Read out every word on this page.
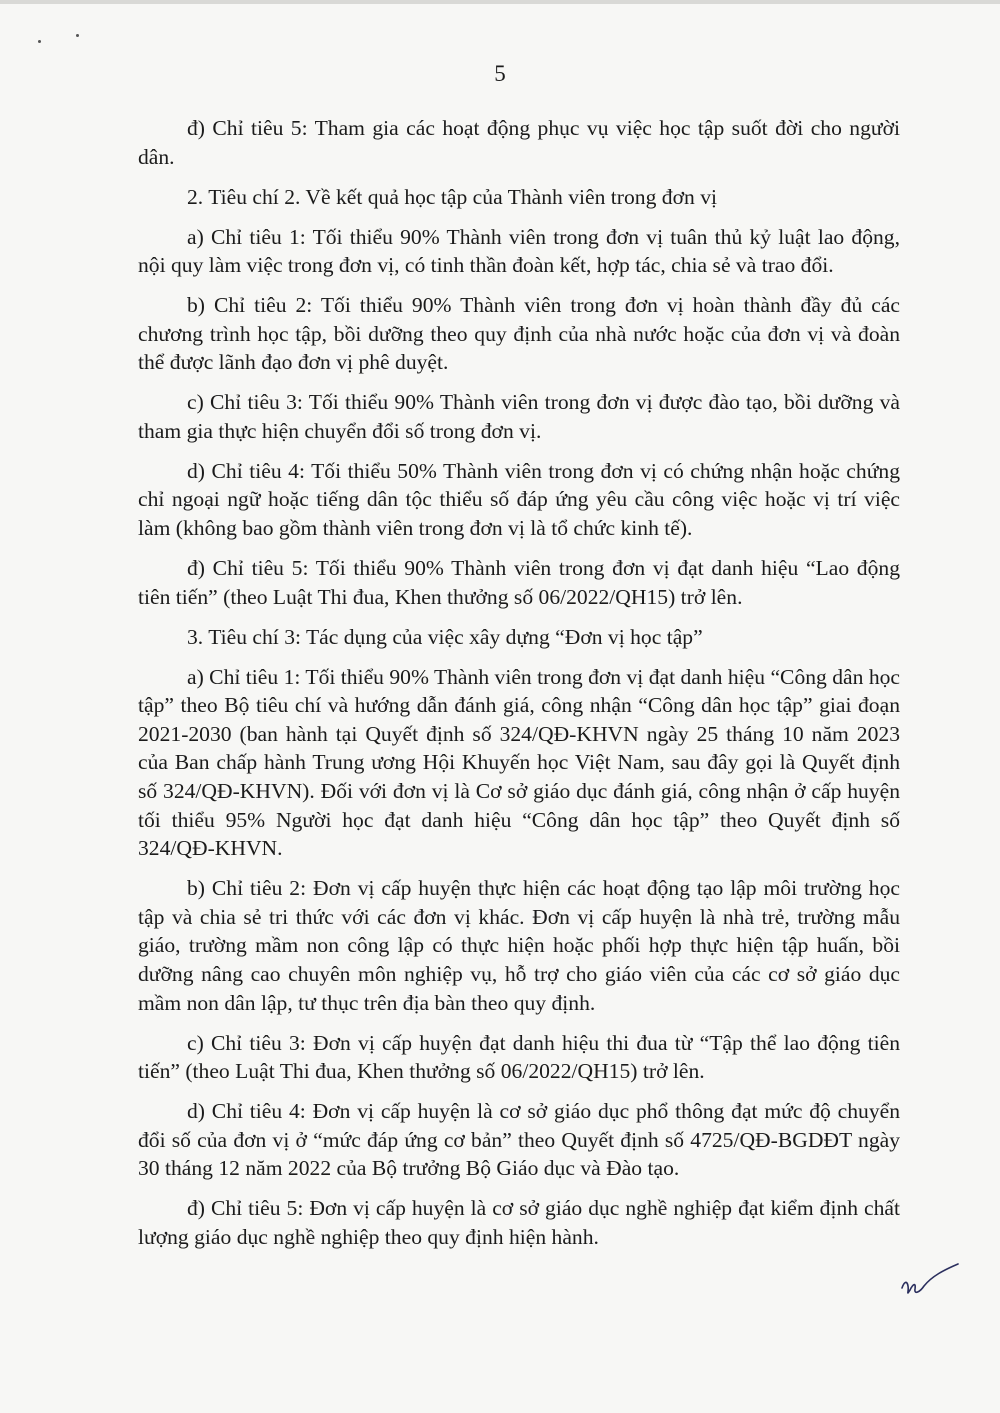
5

đ) Chỉ tiêu 5: Tham gia các hoạt động phục vụ việc học tập suốt đời cho người dân.

2. Tiêu chí 2. Về kết quả học tập của Thành viên trong đơn vị

a) Chỉ tiêu 1: Tối thiểu 90% Thành viên trong đơn vị tuân thủ kỷ luật lao động, nội quy làm việc trong đơn vị, có tinh thần đoàn kết, hợp tác, chia sẻ và trao đổi.

b) Chỉ tiêu 2: Tối thiểu 90% Thành viên trong đơn vị hoàn thành đầy đủ các chương trình học tập, bồi dưỡng theo quy định của nhà nước hoặc của đơn vị và đoàn thể được lãnh đạo đơn vị phê duyệt.

c) Chỉ tiêu 3: Tối thiểu 90% Thành viên trong đơn vị được đào tạo, bồi dưỡng và tham gia thực hiện chuyển đổi số trong đơn vị.

d) Chỉ tiêu 4: Tối thiểu 50% Thành viên trong đơn vị có chứng nhận hoặc chứng chỉ ngoại ngữ hoặc tiếng dân tộc thiểu số đáp ứng yêu cầu công việc hoặc vị trí việc làm (không bao gồm thành viên trong đơn vị là tổ chức kinh tế).

đ) Chỉ tiêu 5: Tối thiểu 90% Thành viên trong đơn vị đạt danh hiệu “Lao động tiên tiến” (theo Luật Thi đua, Khen thưởng số 06/2022/QH15) trở lên.

3. Tiêu chí 3: Tác dụng của việc xây dựng “Đơn vị học tập”

a) Chỉ tiêu 1: Tối thiểu 90% Thành viên trong đơn vị đạt danh hiệu “Công dân học tập” theo Bộ tiêu chí và hướng dẫn đánh giá, công nhận “Công dân học tập” giai đoạn 2021-2030 (ban hành tại Quyết định số 324/QĐ-KHVN ngày 25 tháng 10 năm 2023 của Ban chấp hành Trung ương Hội Khuyến học Việt Nam, sau đây gọi là Quyết định số 324/QĐ-KHVN). Đối với đơn vị là Cơ sở giáo dục đánh giá, công nhận ở cấp huyện tối thiểu 95% Người học đạt danh hiệu “Công dân học tập” theo Quyết định số 324/QĐ-KHVN.

b) Chỉ tiêu 2: Đơn vị cấp huyện thực hiện các hoạt động tạo lập môi trường học tập và chia sẻ tri thức với các đơn vị khác. Đơn vị cấp huyện là nhà trẻ, trường mẫu giáo, trường mầm non công lập có thực hiện hoặc phối hợp thực hiện tập huấn, bồi dưỡng nâng cao chuyên môn nghiệp vụ, hỗ trợ cho giáo viên của các cơ sở giáo dục mầm non dân lập, tư thục trên địa bàn theo quy định.

c) Chỉ tiêu 3: Đơn vị cấp huyện đạt danh hiệu thi đua từ “Tập thể lao động tiên tiến” (theo Luật Thi đua, Khen thưởng số 06/2022/QH15) trở lên.

d) Chỉ tiêu 4: Đơn vị cấp huyện là cơ sở giáo dục phổ thông đạt mức độ chuyển đổi số của đơn vị ở “mức đáp ứng cơ bản” theo Quyết định số 4725/QĐ-BGDĐT ngày 30 tháng 12 năm 2022 của Bộ trưởng Bộ Giáo dục và Đào tạo.

đ) Chỉ tiêu 5: Đơn vị cấp huyện là cơ sở giáo dục nghề nghiệp đạt kiểm định chất lượng giáo dục nghề nghiệp theo quy định hiện hành.
